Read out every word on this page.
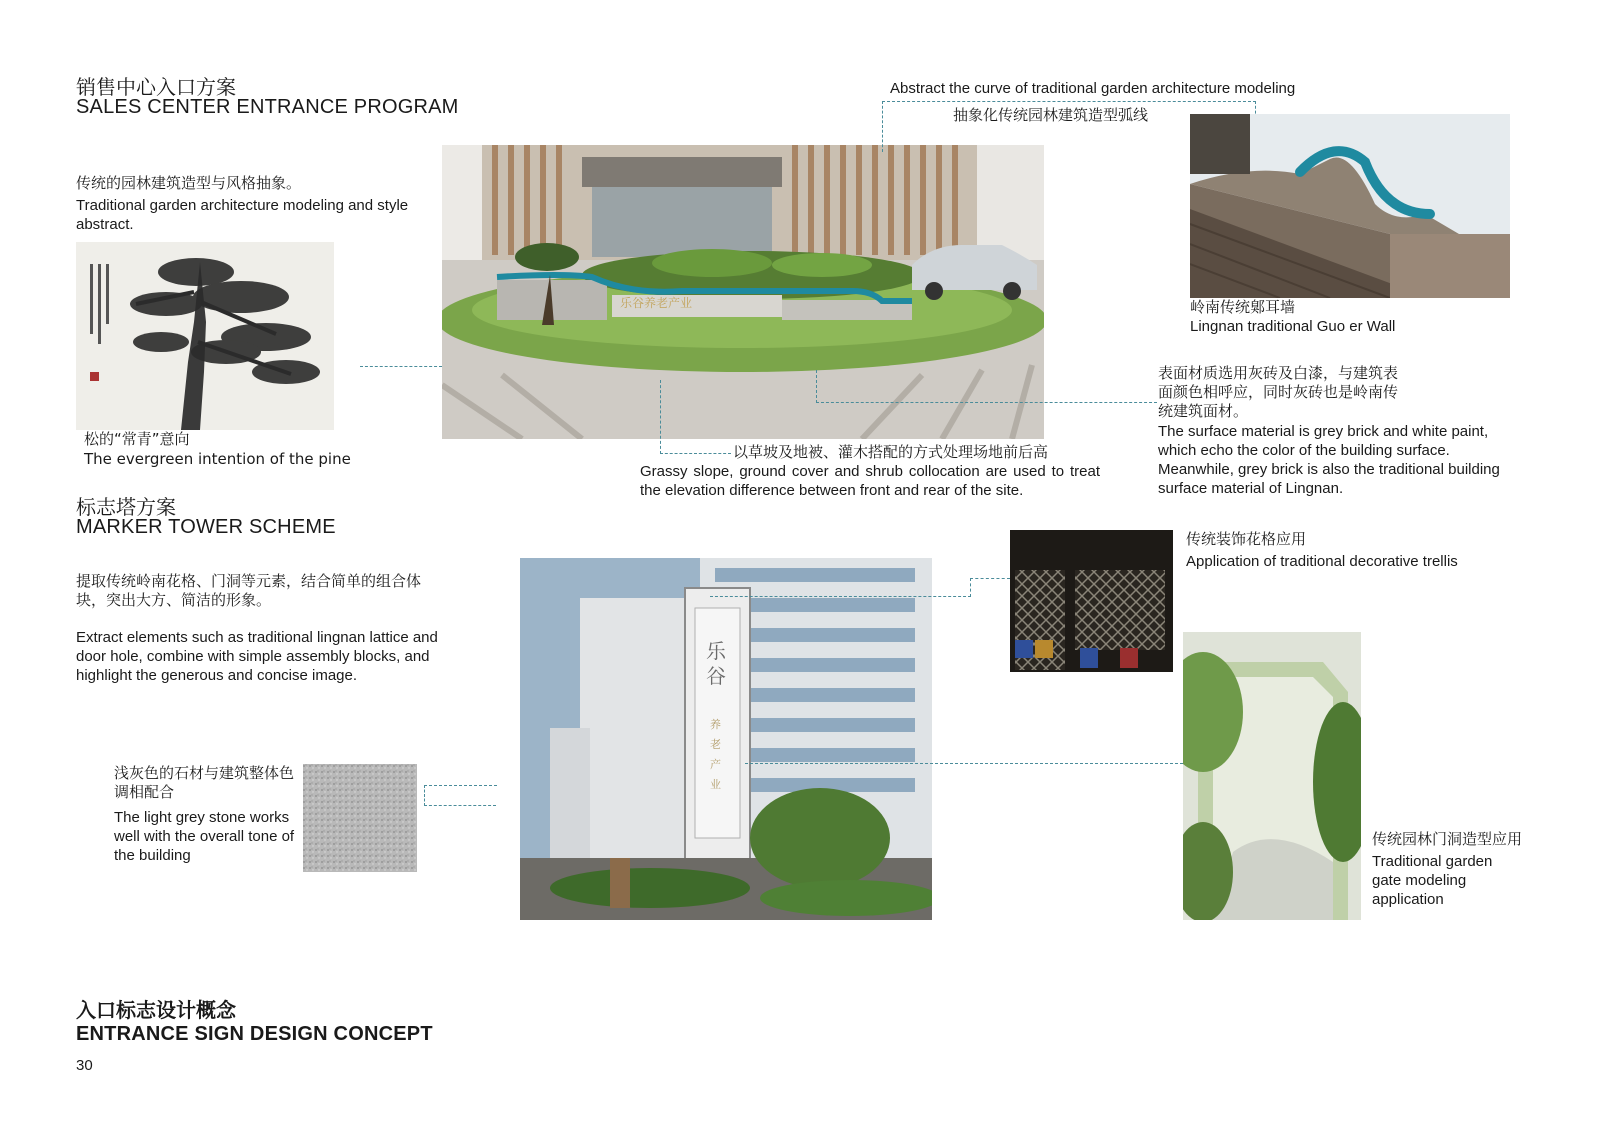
销售中心入口方案
SALES CENTER ENTRANCE PROGRAM
传统的园林建筑造型与风格抽象。
Traditional garden architecture modeling and style abstract.
松的“常青”意向
The evergreen intention of the pine
乐谷养老产业
Abstract the curve of traditional garden architecture modeling
抽象化传统园林建筑造型弧线
岭南传统鄓耳墙
Lingnan traditional Guo er Wall
表面材质选用灰砖及白漆，与建筑表面颜色相呼应，同时灰砖也是岭南传统建筑面材。
The surface material is grey brick and white paint, which echo the color of the building surface. Meanwhile, grey brick is also the traditional building surface material of Lingnan.
以草坡及地被、灌木搭配的方式处理场地前后高
Grassy slope, ground cover and shrub collocation are used to treat the elevation difference between front and rear of the site.
标志塔方案
MARKER TOWER SCHEME
提取传统岭南花格、门洞等元素，结合简单的组合体块，突出大方、简洁的形象。
Extract elements such as traditional lingnan lattice and door hole, combine with simple assembly blocks, and highlight the generous and concise image.
浅灰色的石材与建筑整体色调相配合
The light grey stone works well with the overall tone of the building
乐
谷
养
老
产
业
传统装饰花格应用
Application of traditional decorative trellis
传统园林门洞造型应用
Traditional garden gate modeling application
入口标志设计概念
ENTRANCE SIGN DESIGN CONCEPT
30
